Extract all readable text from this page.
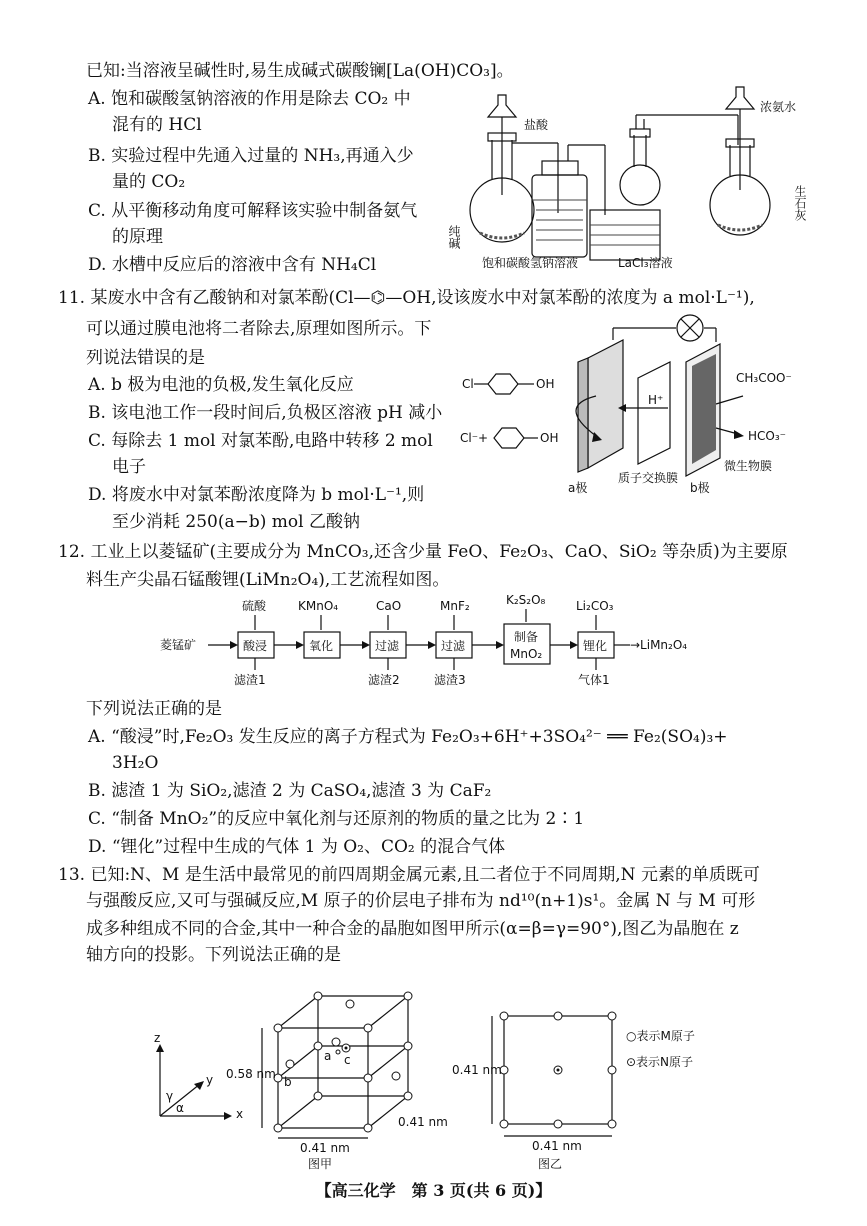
已知:当溶液呈碱性时,易生成碱式碳酸镧[La(OH)CO₃]。
A. 饱和碳酸氢钠溶液的作用是除去 CO₂ 中
混有的 HCl
B. 实验过程中先通入过量的 NH₃,再通入少
量的 CO₂
C. 从平衡移动角度可解释该实验中制备氨气
的原理
D. 水槽中反应后的溶液中含有 NH₄Cl
盐酸
浓氨水
纯碱
饱和碳酸氢钠溶液	LaCl₃溶液
生石灰
11. 某废水中含有乙酸钠和对氯苯酚(Cl—⌬—OH,设该废水中对氯苯酚的浓度为 a mol·L⁻¹),
可以通过膜电池将二者除去,原理如图所示。下
列说法错误的是
A. b 极为电池的负极,发生氧化反应
B. 该电池工作一段时间后,负极区溶液 pH 减小
C. 每除去 1 mol 对氯苯酚,电路中转移 2 mol
电子
D. 将废水中对氯苯酚浓度降为 b mol·L⁻¹,则
至少消耗 250(a−b) mol 乙酸钠
Cl	OH
Cl⁻+	OH
H⁺
CH₃COO⁻
HCO₃⁻
a极
质子交换膜
b极
微生物膜
12. 工业上以菱锰矿(主要成分为 MnCO₃,还含少量 FeO、Fe₂O₃、CaO、SiO₂ 等杂质)为主要原
料生产尖晶石锰酸锂(LiMn₂O₄),工艺流程如图。
菱锰矿
硫酸
酸浸
滤渣1
KMnO₄
氧化
CaO
过滤
滤渣2
MnF₂
过滤
滤渣3
K₂S₂O₈
制备
MnO₂
Li₂CO₃
锂化
气体1
→LiMn₂O₄
下列说法正确的是
A. “酸浸”时,Fe₂O₃ 发生反应的离子方程式为 Fe₂O₃+6H⁺+3SO₄²⁻ ══ Fe₂(SO₄)₃+
3H₂O
B. 滤渣 1 为 SiO₂,滤渣 2 为 CaSO₄,滤渣 3 为 CaF₂
C. “制备 MnO₂”的反应中氧化剂与还原剂的物质的量之比为 2∶1
D. “锂化”过程中生成的气体 1 为 O₂、CO₂ 的混合气体
13. 已知:N、M 是生活中最常见的前四周期金属元素,且二者位于不同周期,N 元素的单质既可
与强酸反应,又可与强碱反应,M 原子的价层电子排布为 nd¹⁰(n+1)s¹。金属 N 与 M 可形
成多种组成不同的合金,其中一种合金的晶胞如图甲所示(α=β=γ=90°),图乙为晶胞在 z
轴方向的投影。下列说法正确的是
z
y
x
γ
α
a
b
c
0.58 nm
0.41 nm
0.41 nm
图甲
0.41 nm
0.41 nm
图乙
○表示M原子
⊙表示N原子
【高三化学　第 3 页(共 6 页)】
